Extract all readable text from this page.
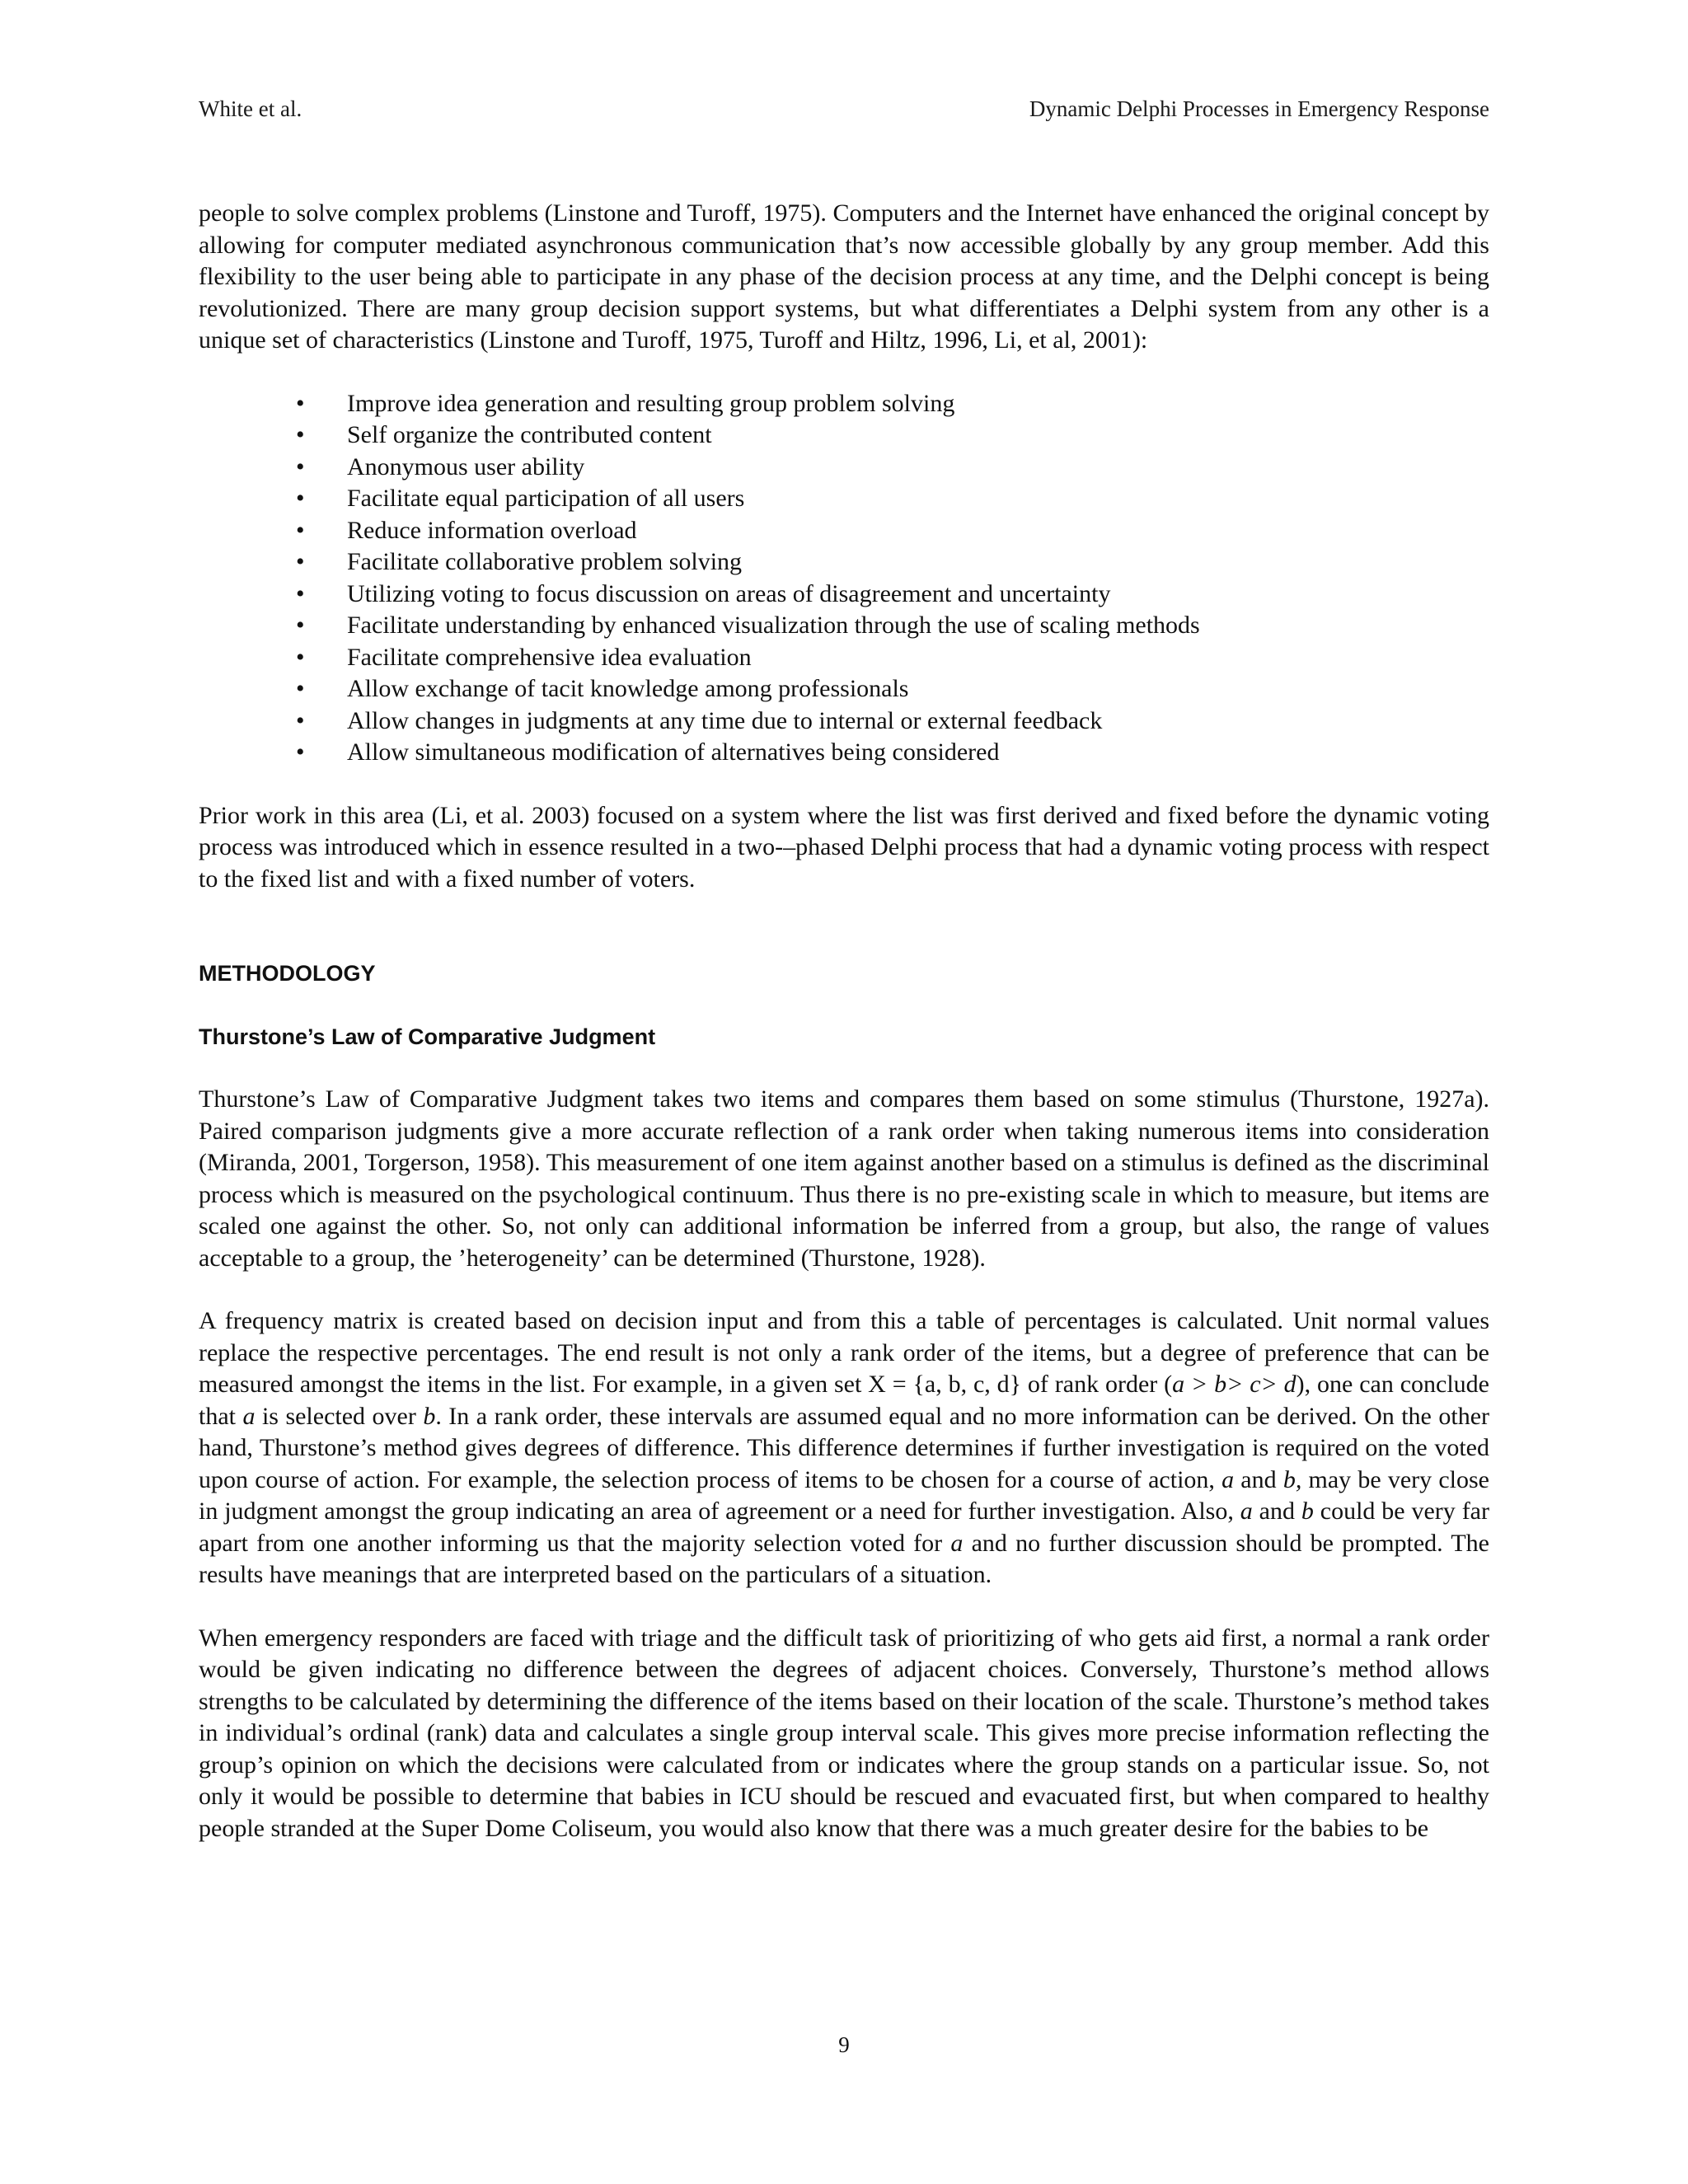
White et al.	Dynamic Delphi Processes in Emergency Response

people to solve complex problems (Linstone and Turoff, 1975). Computers and the Internet have enhanced the original concept by allowing for computer mediated asynchronous communication that’s now accessible globally by any group member. Add this flexibility to the user being able to participate in any phase of the decision process at any time, and the Delphi concept is being revolutionized. There are many group decision support systems, but what differentiates a Delphi system from any other is a unique set of characteristics (Linstone and Turoff, 1975, Turoff and Hiltz, 1996, Li, et al, 2001):

• Improve idea generation and resulting group problem solving
• Self organize the contributed content
• Anonymous user ability
• Facilitate equal participation of all users
• Reduce information overload
• Facilitate collaborative problem solving
• Utilizing voting to focus discussion on areas of disagreement and uncertainty
• Facilitate understanding by enhanced visualization through the use of scaling methods
• Facilitate comprehensive idea evaluation
• Allow exchange of tacit knowledge among professionals
• Allow changes in judgments at any time due to internal or external feedback
• Allow simultaneous modification of alternatives being considered

Prior work in this area (Li, et al. 2003) focused on a system where the list was first derived and fixed before the dynamic voting process was introduced which in essence resulted in a two-–phased Delphi process that had a dynamic voting process with respect to the fixed list and with a fixed number of voters.

METHODOLOGY

Thurstone’s Law of Comparative Judgment

Thurstone’s Law of Comparative Judgment takes two items and compares them based on some stimulus (Thurstone, 1927a). Paired comparison judgments give a more accurate reflection of a rank order when taking numerous items into consideration (Miranda, 2001, Torgerson, 1958). This measurement of one item against another based on a stimulus is defined as the discriminal process which is measured on the psychological continuum. Thus there is no pre-existing scale in which to measure, but items are scaled one against the other. So, not only can additional information be inferred from a group, but also, the range of values acceptable to a group, the ’heterogeneity’ can be determined (Thurstone, 1928).

A frequency matrix is created based on decision input and from this a table of percentages is calculated. Unit normal values replace the respective percentages. The end result is not only a rank order of the items, but a degree of preference that can be measured amongst the items in the list. For example, in a given set X = {a, b, c, d} of rank order (a > b> c> d), one can conclude that a is selected over b. In a rank order, these intervals are assumed equal and no more information can be derived. On the other hand, Thurstone’s method gives degrees of difference. This difference determines if further investigation is required on the voted upon course of action. For example, the selection process of items to be chosen for a course of action, a and b, may be very close in judgment amongst the group indicating an area of agreement or a need for further investigation. Also, a and b could be very far apart from one another informing us that the majority selection voted for a and no further discussion should be prompted. The results have meanings that are interpreted based on the particulars of a situation.

When emergency responders are faced with triage and the difficult task of prioritizing of who gets aid first, a normal a rank order would be given indicating no difference between the degrees of adjacent choices. Conversely, Thurstone’s method allows strengths to be calculated by determining the difference of the items based on their location of the scale. Thurstone’s method takes in individual’s ordinal (rank) data and calculates a single group interval scale. This gives more precise information reflecting the group’s opinion on which the decisions were calculated from or indicates where the group stands on a particular issue. So, not only it would be possible to determine that babies in ICU should be rescued and evacuated first, but when compared to healthy people stranded at the Super Dome Coliseum, you would also know that there was a much greater desire for the babies to be

9
